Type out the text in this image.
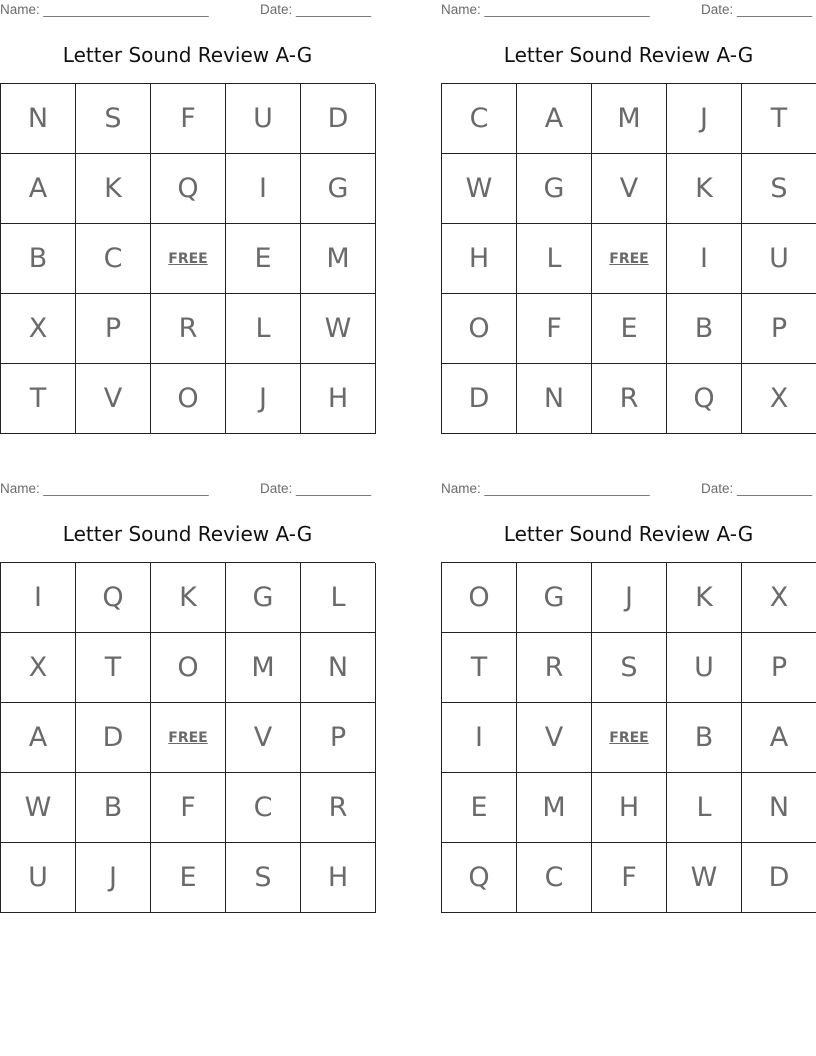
Name: ______________________	Date: __________
Letter Sound Review A-G
N	S	F	U	D
A	K	Q	I	G
B	C	FREE	E	M
X	P	R	L	W
T	V	O	J	H
Name: ______________________	Date: __________
Letter Sound Review A-G
C	A	M	J	T
W	G	V	K	S
H	L	FREE	I	U
O	F	E	B	P
D	N	R	Q	X
Name: ______________________	Date: __________
Letter Sound Review A-G
I	Q	K	G	L
X	T	O	M	N
A	D	FREE	V	P
W	B	F	C	R
U	J	E	S	H
Name: ______________________	Date: __________
Letter Sound Review A-G
O	G	J	K	X
T	R	S	U	P
I	V	FREE	B	A
E	M	H	L	N
Q	C	F	W	D
